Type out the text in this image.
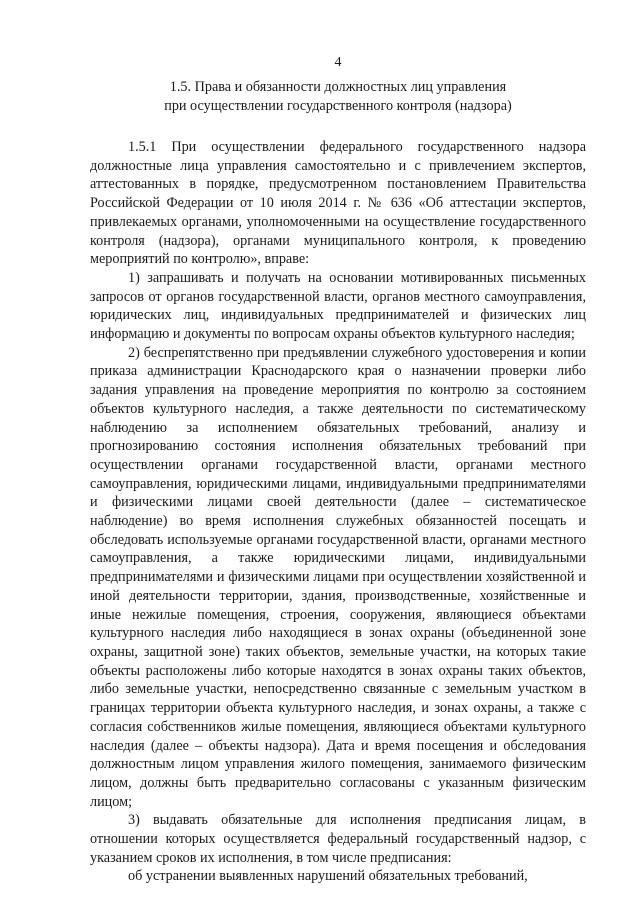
4
1.5. Права и обязанности должностных лиц управления
при осуществлении государственного контроля (надзора)

1.5.1 При осуществлении федерального государственного надзора должностные лица управления самостоятельно и с привлечением экспертов, аттестованных в порядке, предусмотренном постановлением Правительства Российской Федерации от 10 июля 2014 г. № 636 «Об аттестации экспертов, привлекаемых органами, уполномоченными на осуществление государственного контроля (надзора), органами муниципального контроля, к проведению мероприятий по контролю», вправе:

1) запрашивать и получать на основании мотивированных письменных запросов от органов государственной власти, органов местного самоуправления, юридических лиц, индивидуальных предпринимателей и физических лиц информацию и документы по вопросам охраны объектов культурного наследия;

2) беспрепятственно при предъявлении служебного удостоверения и копии приказа администрации Краснодарского края о назначении проверки либо задания управления на проведение мероприятия по контролю за состоянием объектов культурного наследия, а также деятельности по систематическому наблюдению за исполнением обязательных требований, анализу и прогнозированию состояния исполнения обязательных требований при осуществлении органами государственной власти, органами местного самоуправления, юридическими лицами, индивидуальными предпринимателями и физическими лицами своей деятельности (далее – систематическое наблюдение) во время исполнения служебных обязанностей посещать и обследовать используемые органами государственной власти, органами местного самоуправления, а также юридическими лицами, индивидуальными предпринимателями и физическими лицами при осуществлении хозяйственной и иной деятельности территории, здания, производственные, хозяйственные и иные нежилые помещения, строения, сооружения, являющиеся объектами культурного наследия либо находящиеся в зонах охраны (объединенной зоне охраны, защитной зоне) таких объектов, земельные участки, на которых такие объекты расположены либо которые находятся в зонах охраны таких объектов, либо земельные участки, непосредственно связанные с земельным участком в границах территории объекта культурного наследия, и зонах охраны, а также с согласия собственников жилые помещения, являющиеся объектами культурного наследия (далее – объекты надзора). Дата и время посещения и обследования должностным лицом управления жилого помещения, занимаемого физическим лицом, должны быть предварительно согласованы с указанным физическим лицом;

3) выдавать обязательные для исполнения предписания лицам, в отношении которых осуществляется федеральный государственный надзор, с указанием сроков их исполнения, в том числе предписания:

об устранении выявленных нарушений обязательных требований,
